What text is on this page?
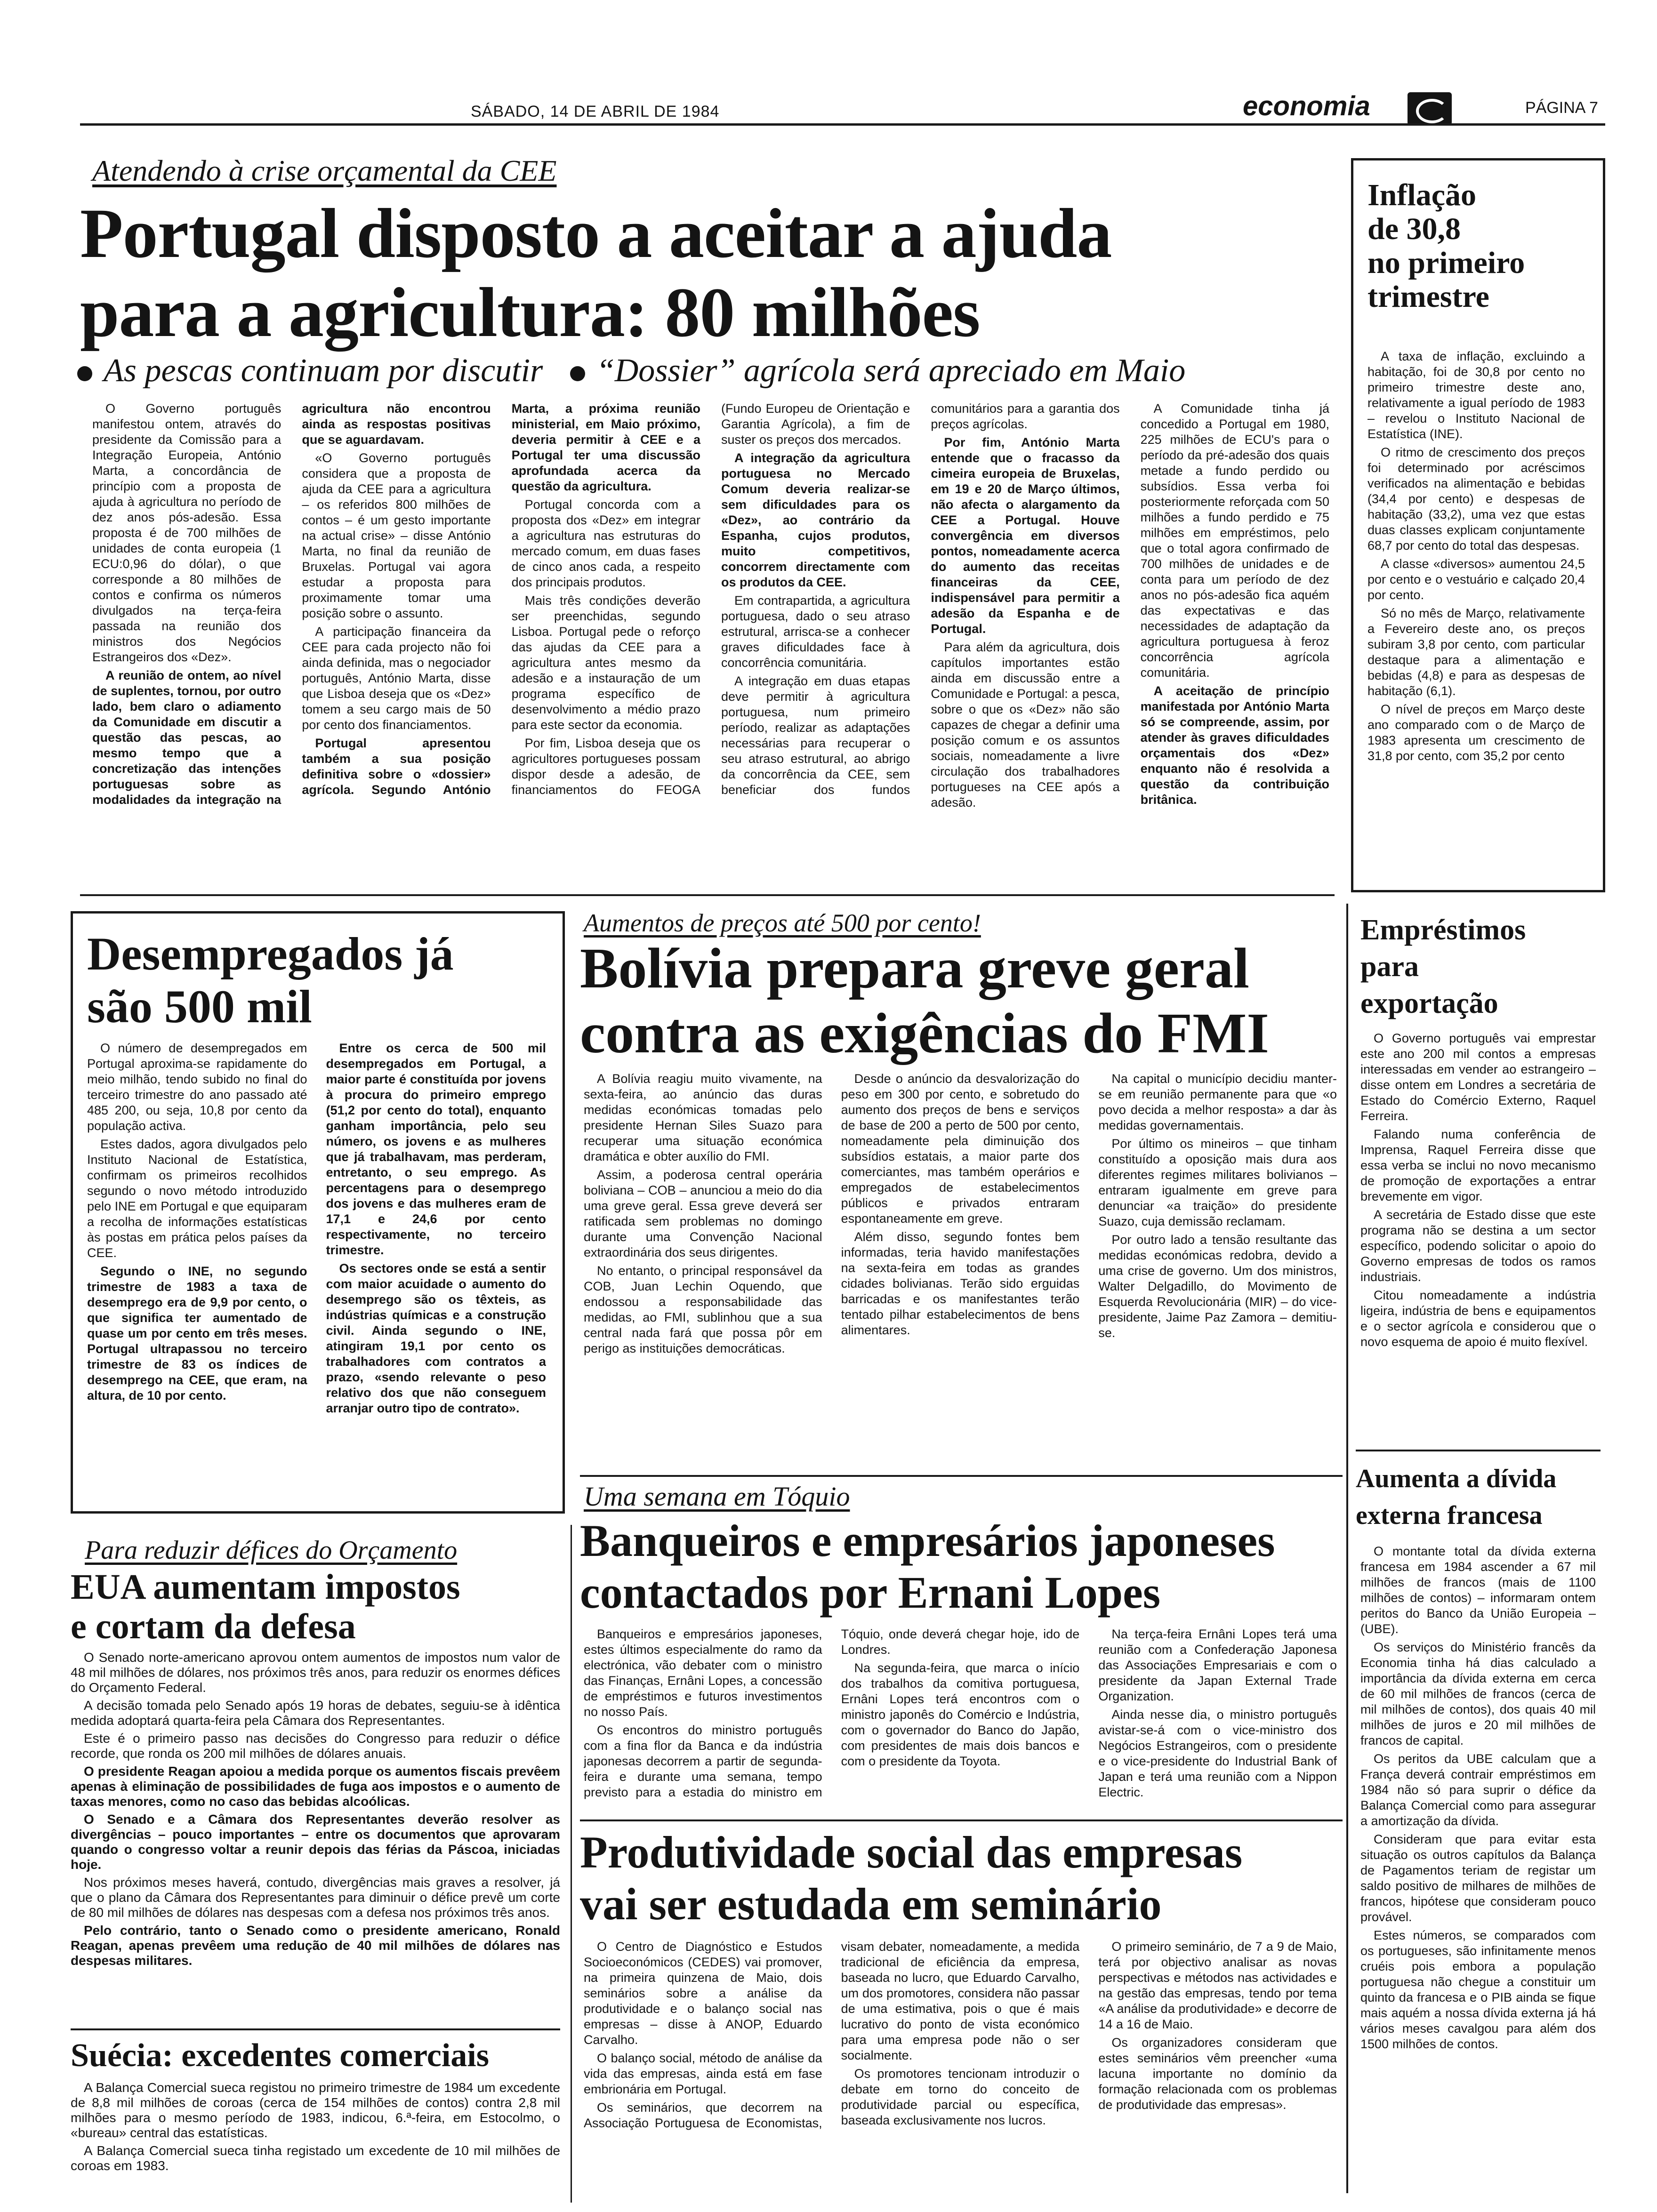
SÁBADO, 14 DE ABRIL DE 1984	economia	PÁGINA 7
Atendendo à crise orçamental da CEE
Portugal disposto a aceitar a ajuda
para a agricultura: 80 milhões
As pescas continuam por discutir “Dossier” agrícola será apreciado em Maio

O Governo português manifestou ontem, através do presidente da Comissão para a Integração Europeia, António Marta, a concordância de princípio com a proposta de ajuda à agricultura no período de dez anos pós-adesão. Essa proposta é de 700 milhões de unidades de conta europeia (1 ECU:0,96 do dólar), o que corresponde a 80 milhões de contos e confirma os números divulgados na terça-feira passada na reunião dos ministros dos Negócios Estrangeiros dos «Dez».

A reunião de ontem, ao nível de suplentes, tornou, por outro lado, bem claro o adiamento da Comunidade em discutir a questão das pescas, ao mesmo tempo que a concretização das intenções portuguesas sobre as modalidades da integração na agricultura não encontrou ainda as respostas positivas que se aguardavam.

«O Governo português considera que a proposta de ajuda da CEE para a agricultura – os referidos 800 milhões de contos – é um gesto importante na actual crise» – disse António Marta, no final da reunião de Bruxelas. Portugal vai agora estudar a proposta para proximamente tomar uma posição sobre o assunto.

A participação financeira da CEE para cada projecto não foi ainda definida, mas o negociador português, António Marta, disse que Lisboa deseja que os «Dez» tomem a seu cargo mais de 50 por cento dos financiamentos.

Portugal apresentou também a sua posição definitiva sobre o «dossier» agrícola. Segundo António Marta, a próxima reunião ministerial, em Maio próximo, deveria permitir à CEE e a Portugal ter uma discussão aprofundada acerca da questão da agricultura.

Portugal concorda com a proposta dos «Dez» em integrar a agricultura nas estruturas do mercado comum, em duas fases de cinco anos cada, a respeito dos principais produtos.

Mais três condições deverão ser preenchidas, segundo Lisboa. Portugal pede o reforço das ajudas da CEE para a agricultura antes mesmo da adesão e a instauração de um programa específico de desenvolvimento a médio prazo para este sector da economia.

Por fim, Lisboa deseja que os agricultores portugueses possam dispor desde a adesão, de financiamentos do FEOGA (Fundo Europeu de Orientação e Garantia Agrícola), a fim de suster os preços dos mercados.

A integração da agricultura portuguesa no Mercado Comum deveria realizar-se sem dificuldades para os «Dez», ao contrário da Espanha, cujos produtos, muito competitivos, concorrem directamente com os produtos da CEE.

Em contrapartida, a agricultura portuguesa, dado o seu atraso estrutural, arrisca-se a conhecer graves dificuldades face à concorrência comunitária.

A integração em duas etapas deve permitir à agricultura portuguesa, num primeiro período, realizar as adaptações necessárias para recuperar o seu atraso estrutural, ao abrigo da concorrência da CEE, sem beneficiar dos fundos comunitários para a garantia dos preços agrícolas.

Por fim, António Marta entende que o fracasso da cimeira europeia de Bruxelas, em 19 e 20 de Março últimos, não afecta o alargamento da CEE a Portugal. Houve convergência em diversos pontos, nomeadamente acerca do aumento das receitas financeiras da CEE, indispensável para permitir a adesão da Espanha e de Portugal.

Para além da agricultura, dois capítulos importantes estão ainda em discussão entre a Comunidade e Portugal: a pesca, sobre o que os «Dez» não são capazes de chegar a definir uma posição comum e os assuntos sociais, nomeadamente a livre circulação dos trabalhadores portugueses na CEE após a adesão.

A Comunidade tinha já concedido a Portugal em 1980, 225 milhões de ECU's para o período da pré-adesão dos quais metade a fundo perdido ou subsídios. Essa verba foi posteriormente reforçada com 50 milhões a fundo perdido e 75 milhões em empréstimos, pelo que o total agora confirmado de 700 milhões de unidades e de conta para um período de dez anos no pós-adesão fica aquém das expectativas e das necessidades de adaptação da agricultura portuguesa à feroz concorrência agrícola comunitária.

A aceitação de princípio manifestada por António Marta só se compreende, assim, por atender às graves dificuldades orçamentais dos «Dez» enquanto não é resolvida a questão da contribuição britânica.

Inflação
de 30,8
no primeiro
trimestre

A taxa de inflação, excluindo a habitação, foi de 30,8 por cento no primeiro trimestre deste ano, relativamente a igual período de 1983 – revelou o Instituto Nacional de Estatística (INE).

O ritmo de crescimento dos preços foi determinado por acréscimos verificados na alimentação e bebidas (34,4 por cento) e despesas de habitação (33,2), uma vez que estas duas classes explicam conjuntamente 68,7 por cento do total das despesas.

A classe «diversos» aumentou 24,5 por cento e o vestuário e calçado 20,4 por cento.

Só no mês de Março, relativamente a Fevereiro deste ano, os preços subiram 3,8 por cento, com particular destaque para a alimentação e bebidas (4,8) e para as despesas de habitação (6,1).

O nível de preços em Março deste ano comparado com o de Março de 1983 apresenta um crescimento de 31,8 por cento, com 35,2 por cento

Desempregados já
são 500 mil

O número de desempregados em Portugal aproxima-se rapidamente do meio milhão, tendo subido no final do terceiro trimestre do ano passado até 485 200, ou seja, 10,8 por cento da população activa.

Estes dados, agora divulgados pelo Instituto Nacional de Estatística, confirmam os primeiros recolhidos segundo o novo método introduzido pelo INE em Portugal e que equiparam a recolha de informações estatísticas às postas em prática pelos países da CEE.

Segundo o INE, no segundo trimestre de 1983 a taxa de desemprego era de 9,9 por cento, o que significa ter aumentado de quase um por cento em três meses. Portugal ultrapassou no terceiro trimestre de 83 os índices de desemprego na CEE, que eram, na altura, de 10 por cento.

Entre os cerca de 500 mil desempregados em Portugal, a maior parte é constituída por jovens à procura do primeiro emprego (51,2 por cento do total), enquanto ganham importância, pelo seu número, os jovens e as mulheres que já trabalhavam, mas perderam, entretanto, o seu emprego. As percentagens para o desemprego dos jovens e das mulheres eram de 17,1 e 24,6 por cento respectivamente, no terceiro trimestre.

Os sectores onde se está a sentir com maior acuidade o aumento do desemprego são os têxteis, as indústrias químicas e a construção civil. Ainda segundo o INE, atingiram 19,1 por cento os trabalhadores com contratos a prazo, «sendo relevante o peso relativo dos que não conseguem arranjar outro tipo de contrato».

Aumentos de preços até 500 por cento!
Bolívia prepara greve geral
contra as exigências do FMI

A Bolívia reagiu muito vivamente, na sexta-feira, ao anúncio das duras medidas económicas tomadas pelo presidente Hernan Siles Suazo para recuperar uma situação económica dramática e obter auxílio do FMI.

Assim, a poderosa central operária boliviana – COB – anunciou a meio do dia uma greve geral. Essa greve deverá ser ratificada sem problemas no domingo durante uma Convenção Nacional extraordinária dos seus dirigentes.

No entanto, o principal responsável da COB, Juan Lechin Oquendo, que endossou a responsabilidade das medidas, ao FMI, sublinhou que a sua central nada fará que possa pôr em perigo as instituições democráticas.

Desde o anúncio da desvalorização do peso em 300 por cento, e sobretudo do aumento dos preços de bens e serviços de base de 200 a perto de 500 por cento, nomeadamente pela diminuição dos subsídios estatais, a maior parte dos comerciantes, mas também operários e empregados de estabelecimentos públicos e privados entraram espontaneamente em greve.

Além disso, segundo fontes bem informadas, teria havido manifestações na sexta-feira em todas as grandes cidades bolivianas. Terão sido erguidas barricadas e os manifestantes terão tentado pilhar estabelecimentos de bens alimentares.

Na capital o município decidiu manter-se em reunião permanente para que «o povo decida a melhor resposta» a dar às medidas governamentais.

Por último os mineiros – que tinham constituído a oposição mais dura aos diferentes regimes militares bolivianos – entraram igualmente em greve para denunciar «a traição» do presidente Suazo, cuja demissão reclamam.

Por outro lado a tensão resultante das medidas económicas redobra, devido a uma crise de governo. Um dos ministros, Walter Delgadillo, do Movimento de Esquerda Revolucionária (MIR) – do vice-presidente, Jaime Paz Zamora – demitiu-se.

Empréstimos
para
exportação

O Governo português vai emprestar este ano 200 mil contos a empresas interessadas em vender ao estrangeiro – disse ontem em Londres a secretária de Estado do Comércio Externo, Raquel Ferreira.

Falando numa conferência de Imprensa, Raquel Ferreira disse que essa verba se inclui no novo mecanismo de promoção de exportações a entrar brevemente em vigor.

A secretária de Estado disse que este programa não se destina a um sector específico, podendo solicitar o apoio do Governo empresas de todos os ramos industriais.

Citou nomeadamente a indústria ligeira, indústria de bens e equipamentos e o sector agrícola e considerou que o novo esquema de apoio é muito flexível.

Para reduzir défices do Orçamento
EUA aumentam impostos
e cortam da defesa

O Senado norte-americano aprovou ontem aumentos de impostos num valor de 48 mil milhões de dólares, nos próximos três anos, para reduzir os enormes défices do Orçamento Federal.

A decisão tomada pelo Senado após 19 horas de debates, seguiu-se à idêntica medida adoptará quarta-feira pela Câmara dos Representantes.

Este é o primeiro passo nas decisões do Congresso para reduzir o défice recorde, que ronda os 200 mil milhões de dólares anuais.

O presidente Reagan apoiou a medida porque os aumentos fiscais prevêem apenas à eliminação de possibilidades de fuga aos impostos e o aumento de taxas menores, como no caso das bebidas alcoólicas.

O Senado e a Câmara dos Representantes deverão resolver as divergências – pouco importantes – entre os documentos que aprovaram quando o congresso voltar a reunir depois das férias da Páscoa, iniciadas hoje.

Nos próximos meses haverá, contudo, divergências mais graves a resolver, já que o plano da Câmara dos Representantes para diminuir o défice prevê um corte de 80 mil milhões de dólares nas despesas com a defesa nos próximos três anos.

Pelo contrário, tanto o Senado como o presidente americano, Ronald Reagan, apenas prevêem uma redução de 40 mil milhões de dólares nas despesas militares.

Suécia: excedentes comerciais

A Balança Comercial sueca registou no primeiro trimestre de 1984 um excedente de 8,8 mil milhões de coroas (cerca de 154 milhões de contos) contra 2,8 mil milhões para o mesmo período de 1983, indicou, 6.ª-feira, em Estocolmo, o «bureau» central das estatísticas.

A Balança Comercial sueca tinha registado um excedente de 10 mil milhões de coroas em 1983.

Uma semana em Tóquio
Banqueiros e empresários japoneses
contactados por Ernani Lopes

Banqueiros e empresários japoneses, estes últimos especialmente do ramo da electrónica, vão debater com o ministro das Finanças, Ernâni Lopes, a concessão de empréstimos e futuros investimentos no nosso País.

Os encontros do ministro português com a fina flor da Banca e da indústria japonesas decorrem a partir de segunda-feira e durante uma semana, tempo previsto para a estadia do ministro em Tóquio, onde deverá chegar hoje, ido de Londres.

Na segunda-feira, que marca o início dos trabalhos da comitiva portuguesa, Ernâni Lopes terá encontros com o ministro japonês do Comércio e Indústria, com o governador do Banco do Japão, com presidentes de mais dois bancos e com o presidente da Toyota.

Na terça-feira Ernâni Lopes terá uma reunião com a Confederação Japonesa das Associações Empresariais e com o presidente da Japan External Trade Organization.

Ainda nesse dia, o ministro português avistar-se-á com o vice-ministro dos Negócios Estrangeiros, com o presidente e o vice-presidente do Industrial Bank of Japan e terá uma reunião com a Nippon Electric.

Produtividade social das empresas
vai ser estudada em seminário

O Centro de Diagnóstico e Estudos Socioeconómicos (CEDES) vai promover, na primeira quinzena de Maio, dois seminários sobre a análise da produtividade e o balanço social nas empresas – disse à ANOP, Eduardo Carvalho.

O balanço social, método de análise da vida das empresas, ainda está em fase embrionária em Portugal.

Os seminários, que decorrem na Associação Portuguesa de Economistas, visam debater, nomeadamente, a medida tradicional de eficiência da empresa, baseada no lucro, que Eduardo Carvalho, um dos promotores, considera não passar de uma estimativa, pois o que é mais lucrativo do ponto de vista económico para uma empresa pode não o ser socialmente.

Os promotores tencionam introduzir o debate em torno do conceito de produtividade parcial ou específica, baseada exclusivamente nos lucros.

O primeiro seminário, de 7 a 9 de Maio, terá por objectivo analisar as novas perspectivas e métodos nas actividades e na gestão das empresas, tendo por tema «A análise da produtividade» e decorre de 14 a 16 de Maio.

Os organizadores consideram que estes seminários vêm preencher «uma lacuna importante no domínio da formação relacionada com os problemas de produtividade das empresas».

Aumenta a dívida
externa francesa

O montante total da dívida externa francesa em 1984 ascender a 67 mil milhões de francos (mais de 1100 milhões de contos) – informaram ontem peritos do Banco da União Europeia – (UBE).

Os serviços do Ministério francês da Economia tinha há dias calculado a importância da dívida externa em cerca de 60 mil milhões de francos (cerca de mil milhões de contos), dos quais 40 mil milhões de juros e 20 mil milhões de francos de capital.

Os peritos da UBE calculam que a França deverá contrair empréstimos em 1984 não só para suprir o défice da Balança Comercial como para assegurar a amortização da dívida.

Consideram que para evitar esta situação os outros capítulos da Balança de Pagamentos teriam de registar um saldo positivo de milhares de milhões de francos, hipótese que consideram pouco provável.

Estes números, se comparados com os portugueses, são infinitamente menos cruéis pois embora a população portuguesa não chegue a constituir um quinto da francesa e o PIB ainda se fique mais aquém a nossa dívida externa já há vários meses cavalgou para além dos 1500 milhões de contos.
